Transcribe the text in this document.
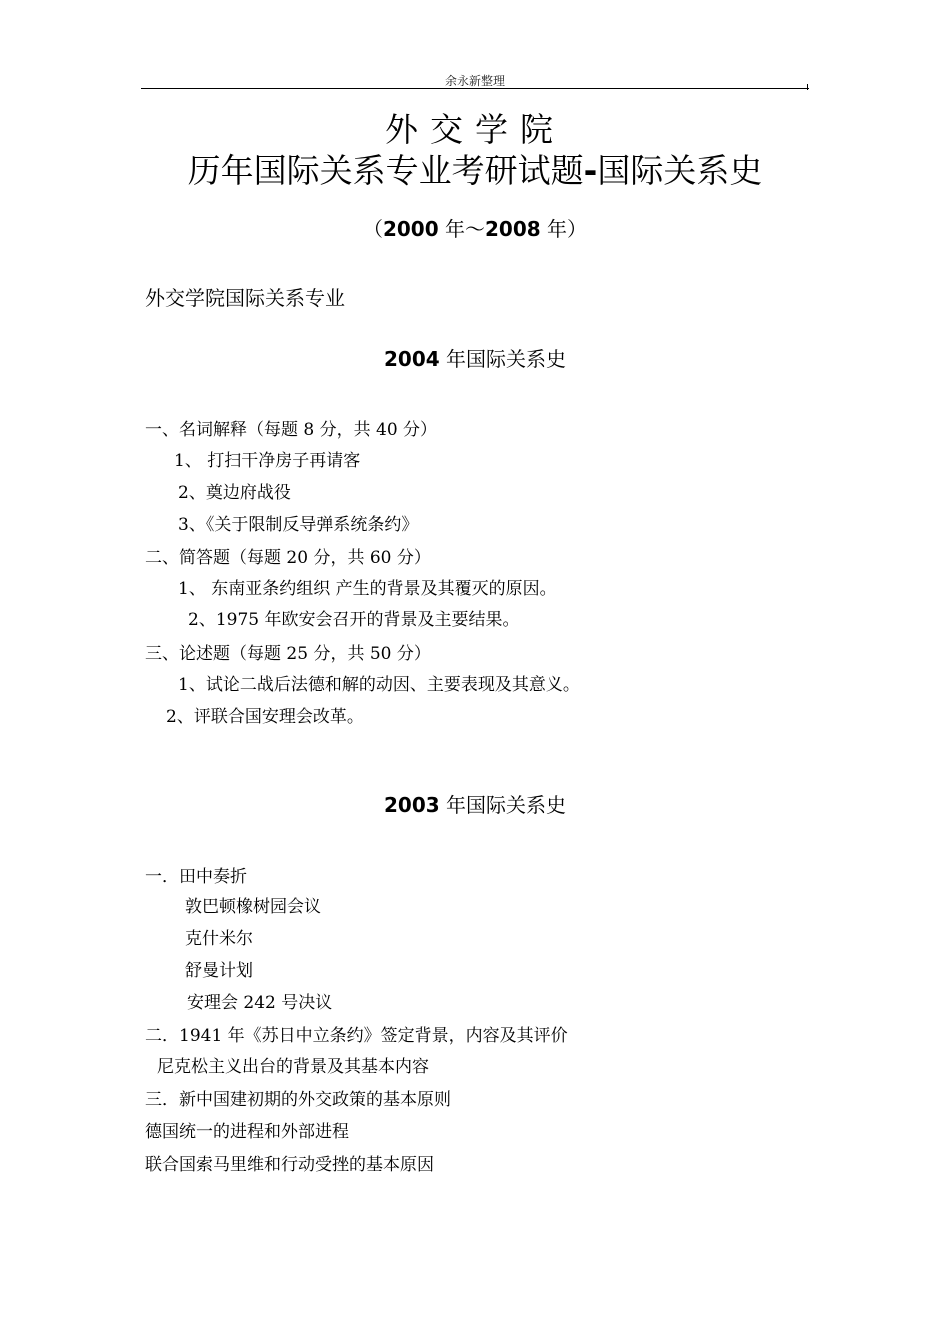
余永新整理
外交学院
历年国际关系专业考研试题-国际关系史
（2000 年～2008 年）
外交学院国际关系专业
2004 年国际关系史
一、名词解释（每题 8 分，共 40 分）
1、 打扫干净房子再请客
2、奠边府战役
3、《关于限制反导弹系统条约》
二、简答题（每题 20 分，共 60 分）
1、 东南亚条约组织 产生的背景及其覆灭的原因。
2、1975 年欧安会召开的背景及主要结果。
三、论述题（每题 25 分，共 50 分）
1、试论二战后法德和解的动因、主要表现及其意义。
2、评联合国安理会改革。
2003 年国际关系史
一．田中奏折
敦巴顿橡树园会议
克什米尔
舒曼计划
安理会 242 号决议
二．1941 年《苏日中立条约》签定背景，内容及其评价
尼克松主义出台的背景及其基本内容
三．新中国建初期的外交政策的基本原则
德国统一的进程和外部进程
联合国索马里维和行动受挫的基本原因
